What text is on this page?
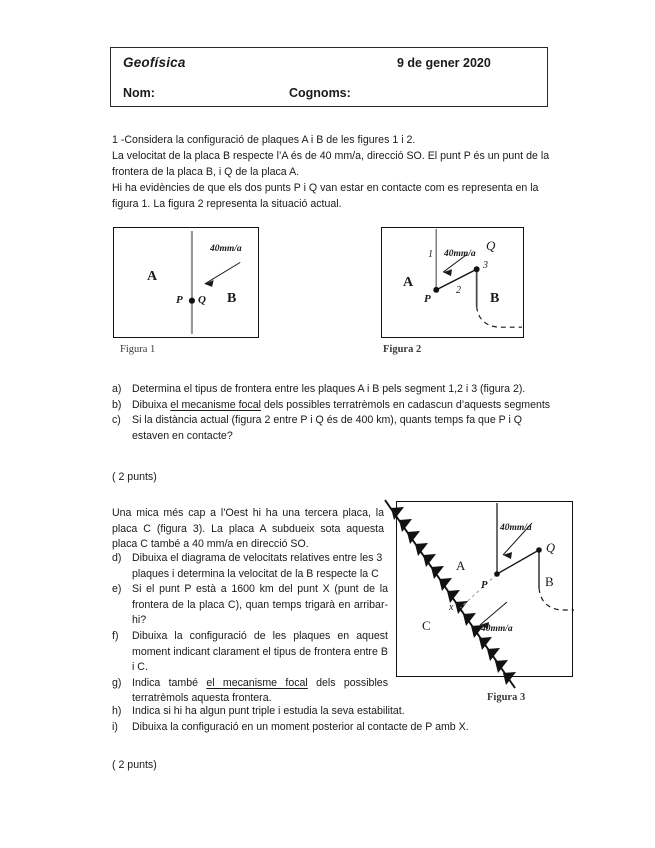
Geofísica	9 de gener 2020
Nom:	Cognoms:

1 -Considera la configuració de plaques A i B de les figures 1 i 2.

La velocitat de la placa B respecte l’A és de 40 mm/a, direcció SO. El punt P és un punt de la frontera de la placa B, i Q de la placa A.

Hi ha evidències de que els dos punts P i Q van estar en contacte com es representa en la figura 1. La figura 2 representa la situació actual.

A
B
P Q
40mm/a
Figura 1
A
B
P
Q
1
2
3
40mm/a
Figura 2
a) Determina el tipus de frontera entre les plaques A i B pels segment 1,2 i 3 (figura 2).
b) Dibuixa el mecanisme focal dels possibles terratrèmols en cadascun d’aquests segments
c)	Si la distància actual (figura 2 entre P i Q és de 400 km), quants temps fa que P i Q estaven en contacte?
( 2 punts)
Una mica més cap a l’Oest hi ha una tercera placa, la placa C (figura 3). La placa A subdueix sota aquesta placa C també a 40 mm/a en direcció SO.
d) Dibuixa el diagrama de velocitats relatives entre les 3 plaques i determina la velocitat de la B respecte la C
e) Si el punt P està a 1600 km del punt X (punt de la frontera de la placa C), quan temps trigarà en arribar-hi?
f)	Dibuixa la configuració de les plaques en aquest moment indicant clarament el tipus de frontera entre B i C.
g) Indica també el mecanisme focal dels possibles terratrèmols aquesta frontera.
A
B
C
P
Q
x
40mm/a
40mm/a
Figura 3
h) Indica si hi ha algun punt triple i estudia la seva estabilitat.
i)	Dibuixa la configuració en un moment posterior al contacte de P amb X.
( 2 punts)
